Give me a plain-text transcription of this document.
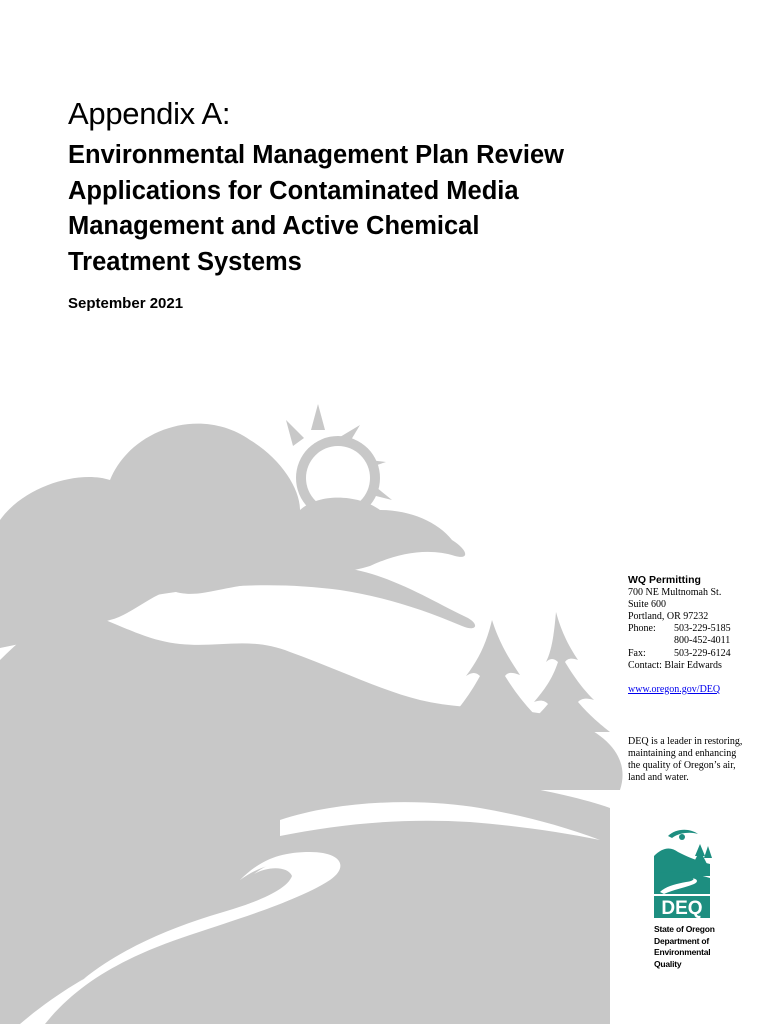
Appendix A:
Environmental Management Plan Review
Applications for Contaminated Media
Management and Active Chemical
Treatment Systems
September 2021
WQ Permitting
700 NE Multnomah St.
Suite 600
Portland, OR 97232
Phone: 503-229-5185
800-452-4011
Fax:	503-229-6124
Contact: Blair Edwards
www.oregon.gov/DEQ
DEQ is a leader in restoring, maintaining and enhancing the quality of Oregon’s air, land and water.
DEQ
State of Oregon
Department of
Environmental
Quality
